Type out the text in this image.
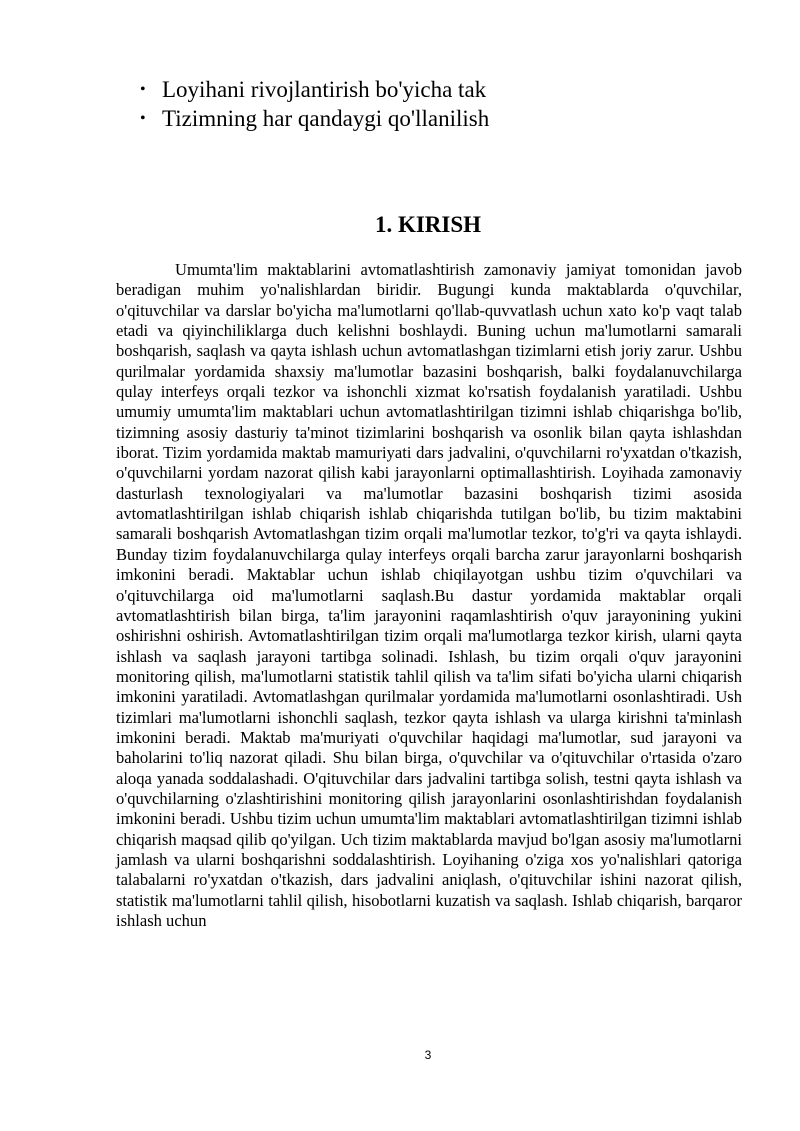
• Loyihani rivojlantirish bo'yicha tak
• Tizimning har qandaygi qo'llanilish
1. KIRISH

Umumta'lim maktablarini avtomatlashtirish zamonaviy jamiyat tomonidan javob beradigan muhim yo'nalishlardan biridir. Bugungi kunda maktablarda o'quvchilar, o'qituvchilar va darslar bo'yicha ma'lumotlarni qo'llab-quvvatlash uchun xato ko'p vaqt talab etadi va qiyinchiliklarga duch kelishni boshlaydi. Buning uchun ma'lumotlarni samarali boshqarish, saqlash va qayta ishlash uchun avtomatlashgan tizimlarni etish joriy zarur. Ushbu qurilmalar yordamida shaxsiy ma'lumotlar bazasini boshqarish, balki foydalanuvchilarga qulay interfeys orqali tezkor va ishonchli xizmat ko'rsatish foydalanish yaratiladi. Ushbu umumiy umumta'lim maktablari uchun avtomatlashtirilgan tizimni ishlab chiqarishga bo'lib, tizimning asosiy dasturiy ta'minot tizimlarini boshqarish va osonlik bilan qayta ishlashdan iborat. Tizim yordamida maktab mamuriyati dars jadvalini, o'quvchilarni ro'yxatdan o'tkazish, o'quvchilarni yordam nazorat qilish kabi jarayonlarni optimallashtirish. Loyihada zamonaviy dasturlash texnologiyalari va ma'lumotlar bazasini boshqarish tizimi asosida avtomatlashtirilgan ishlab chiqarish ishlab chiqarishda tutilgan bo'lib, bu tizim maktabini samarali boshqarish Avtomatlashgan tizim orqali ma'lumotlar tezkor, to'g'ri va qayta ishlaydi. Bunday tizim foydalanuvchilarga qulay interfeys orqali barcha zarur jarayonlarni boshqarish imkonini beradi. Maktablar uchun ishlab chiqilayotgan ushbu tizim o'quvchilari va o'qituvchilarga oid ma'lumotlarni saqlash.Bu dastur yordamida maktablar orqali avtomatlashtirish bilan birga, ta'lim jarayonini raqamlashtirish o'quv jarayonining yukini oshirishni oshirish. Avtomatlashtirilgan tizim orqali ma'lumotlarga tezkor kirish, ularni qayta ishlash va saqlash jarayoni tartibga solinadi. Ishlash, bu tizim orqali o'quv jarayonini monitoring qilish, ma'lumotlarni statistik tahlil qilish va ta'lim sifati bo'yicha ularni chiqarish imkonini yaratiladi. Avtomatlashgan qurilmalar yordamida ma'lumotlarni osonlashtiradi. Ush tizimlari ma'lumotlarni ishonchli saqlash, tezkor qayta ishlash va ularga kirishni ta'minlash imkonini beradi. Maktab ma'muriyati o'quvchilar haqidagi ma'lumotlar, sud jarayoni va baholarini to'liq nazorat qiladi. Shu bilan birga, o'quvchilar va o'qituvchilar o'rtasida o'zaro aloqa yanada soddalashadi. O'qituvchilar dars jadvalini tartibga solish, testni qayta ishlash va o'quvchilarning o'zlashtirishini monitoring qilish jarayonlarini osonlashtirishdan foydalanish imkonini beradi. Ushbu tizim uchun umumta'lim maktablari avtomatlashtirilgan tizimni ishlab chiqarish maqsad qilib qo'yilgan. Uch tizim maktablarda mavjud bo'lgan asosiy ma'lumotlarni jamlash va ularni boshqarishni soddalashtirish. Loyihaning o'ziga xos yo'nalishlari qatoriga talabalarni ro'yxatdan o'tkazish, dars jadvalini aniqlash, o'qituvchilar ishini nazorat qilish, statistik ma'lumotlarni tahlil qilish, hisobotlarni kuzatish va saqlash. Ishlab chiqarish, barqaror ishlash uchun

3
